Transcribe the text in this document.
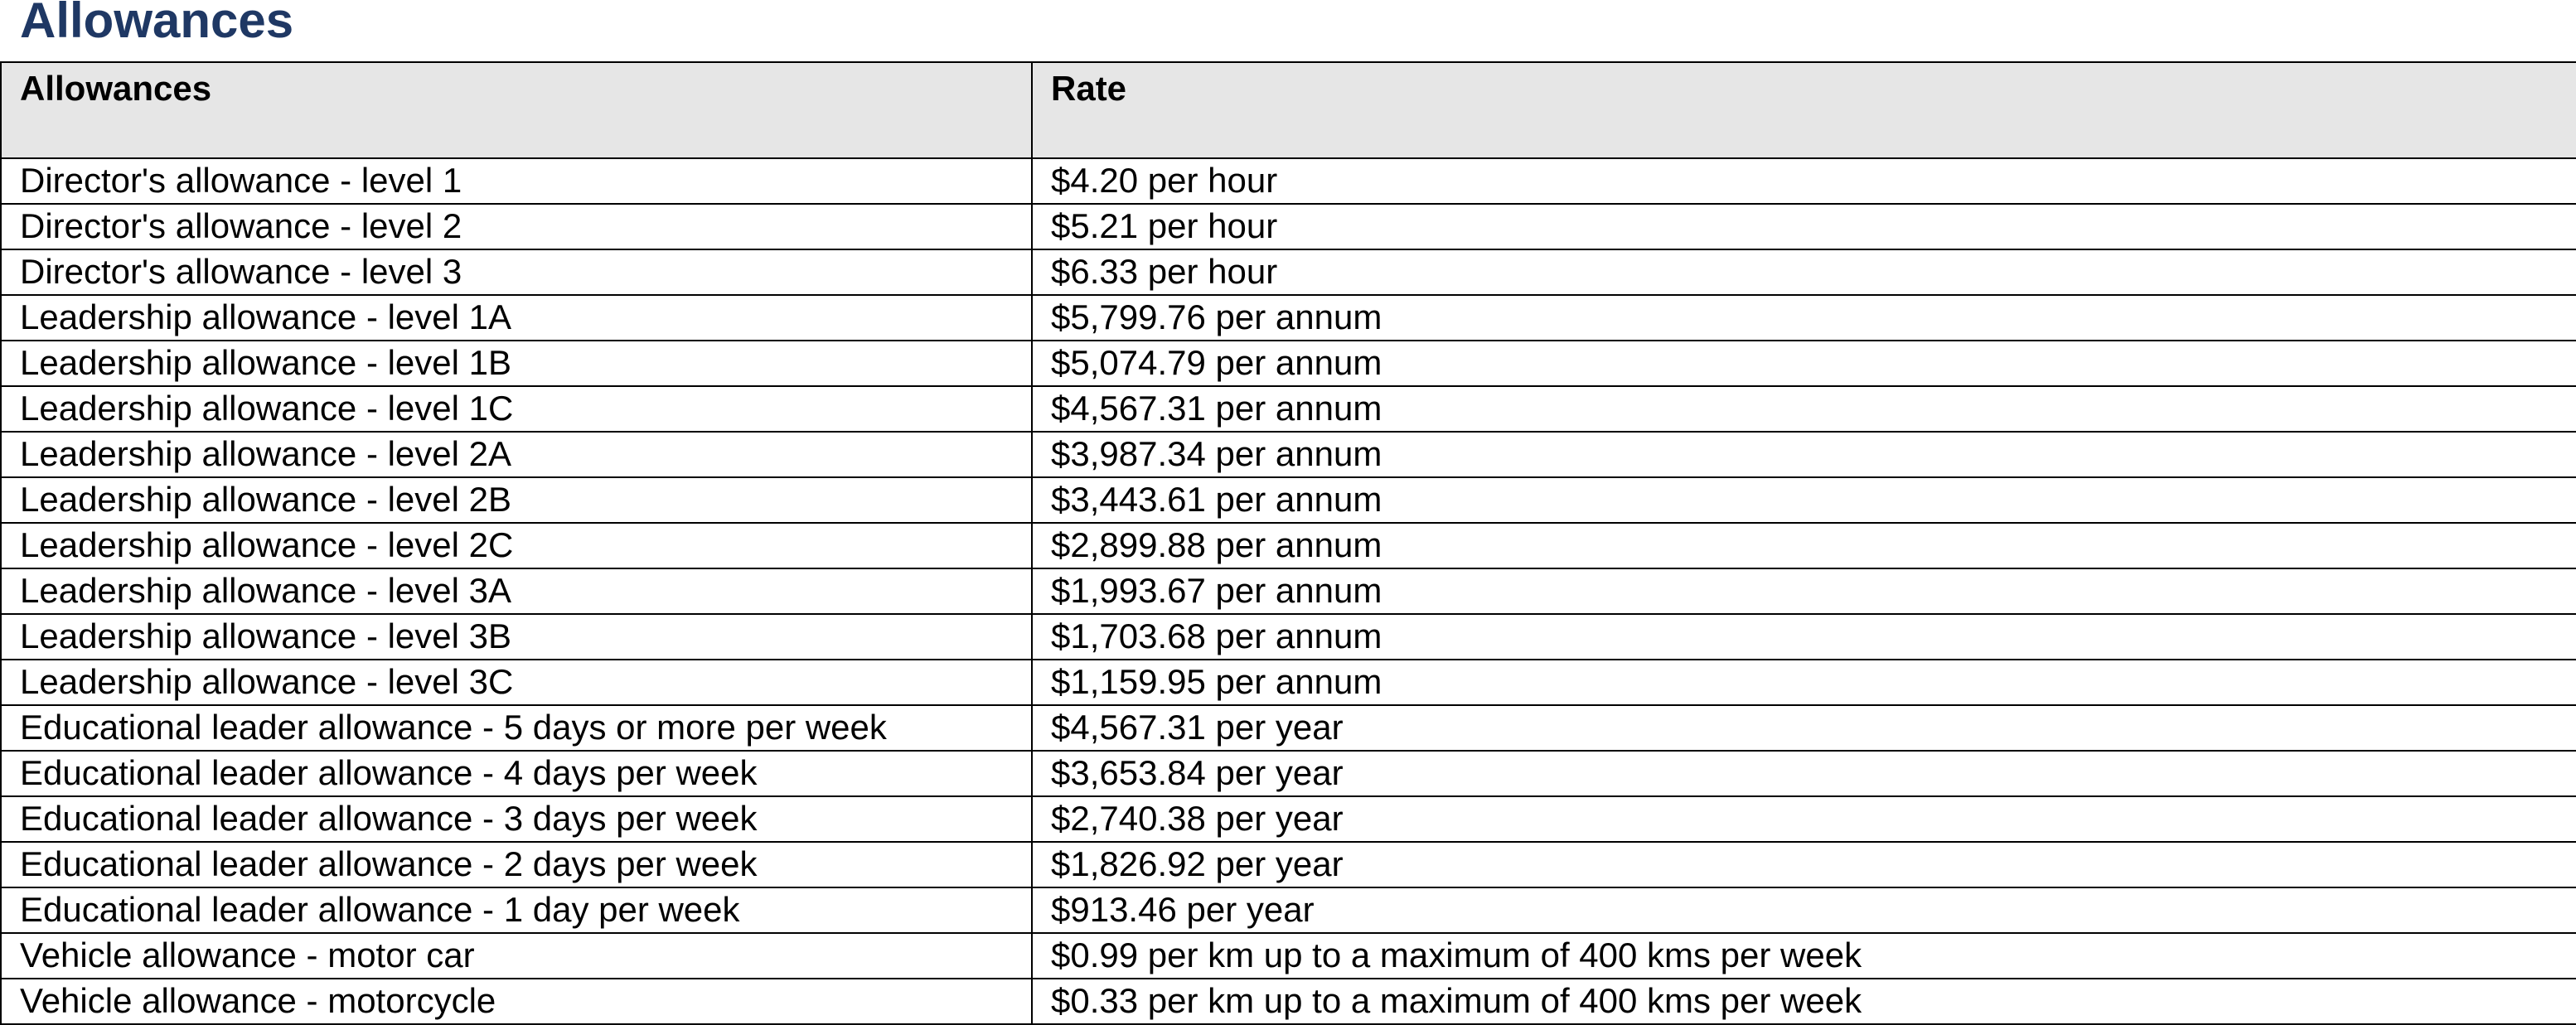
Allowances
Allowances	Rate
Director's allowance - level 1	$4.20 per hour
Director's allowance - level 2	$5.21 per hour
Director's allowance - level 3	$6.33 per hour
Leadership allowance - level 1A	$5,799.76 per annum
Leadership allowance - level 1B	$5,074.79 per annum
Leadership allowance - level 1C	$4,567.31 per annum
Leadership allowance - level 2A	$3,987.34 per annum
Leadership allowance - level 2B	$3,443.61 per annum
Leadership allowance - level 2C	$2,899.88 per annum
Leadership allowance - level 3A	$1,993.67 per annum
Leadership allowance - level 3B	$1,703.68 per annum
Leadership allowance - level 3C	$1,159.95 per annum
Educational leader allowance - 5 days or more per week	$4,567.31 per year
Educational leader allowance - 4 days per week	$3,653.84 per year
Educational leader allowance - 3 days per week	$2,740.38 per year
Educational leader allowance - 2 days per week	$1,826.92 per year
Educational leader allowance - 1 day per week	$913.46 per year
Vehicle allowance - motor car	$0.99 per km up to a maximum of 400 kms per week
Vehicle allowance - motorcycle	$0.33 per km up to a maximum of 400 kms per week
